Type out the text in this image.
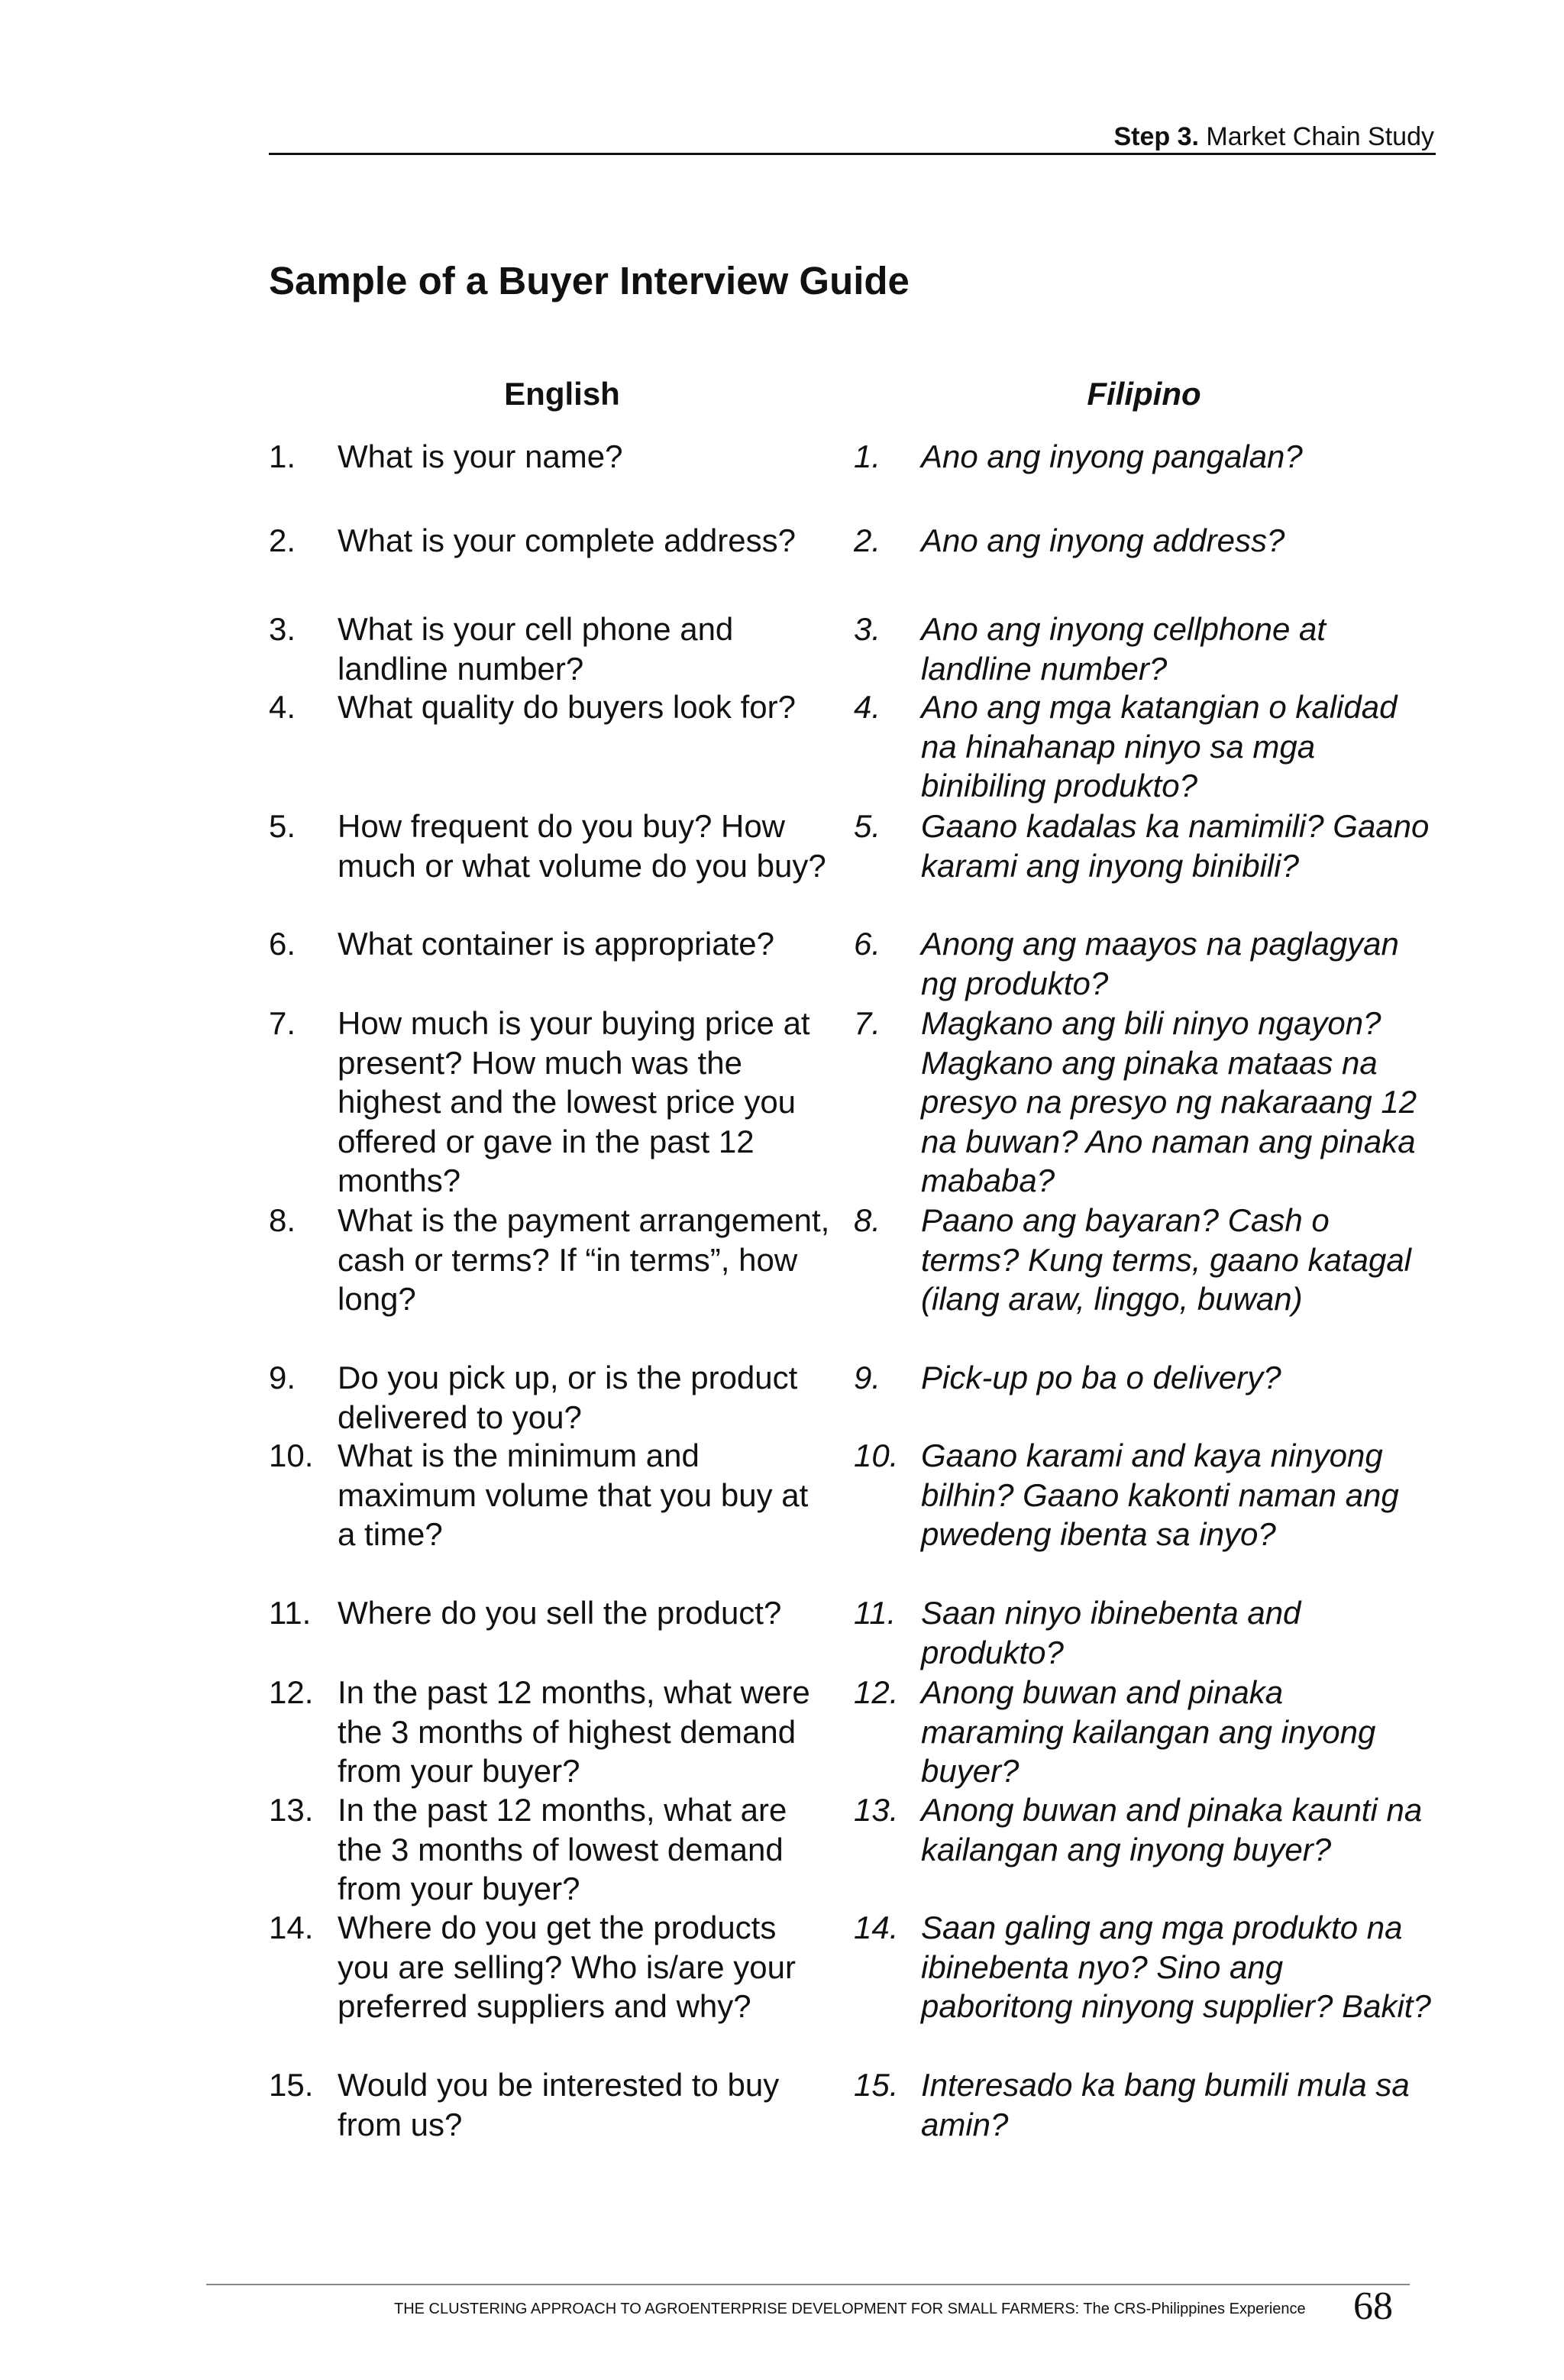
Step 3. Market Chain Study
Sample of a Buyer Interview Guide
English	Filipino
1. What is your name?
2. What is your complete address?
3. What is your cell phone and landline number?
4. What quality do buyers look for?
5. How frequent do you buy? How much or what volume do you buy?
6. What container is appropriate?
7. How much is your buying price at present? How much was the highest and the lowest price you offered or gave in the past 12 months?
8. What is the payment arrangement, cash or terms? If “in terms”, how long?
9. Do you pick up, or is the product delivered to you?
10. What is the minimum and maximum volume that you buy at a time?
11. Where do you sell the product?
12. In the past 12 months, what were the 3 months of highest demand from your buyer?
13. In the past 12 months, what are the 3 months of lowest demand from your buyer?
14. Where do you get the products you are selling? Who is/are your preferred suppliers and why?
15. Would you be interested to buy from us?
1. Ano ang inyong pangalan?
2. Ano ang inyong address?
3. Ano ang inyong cellphone at landline number?
4. Ano ang mga katangian o kalidad na hinahanap ninyo sa mga binibiling produkto?
5. Gaano kadalas ka namimili? Gaano karami ang inyong binibili?
6. Anong ang maayos na paglagyan ng produkto?
7. Magkano ang bili ninyo ngayon? Magkano ang pinaka mataas na presyo na presyo ng nakaraang 12 na buwan? Ano naman ang pinaka mababa?
8. Paano ang bayaran? Cash o terms? Kung terms, gaano katagal (ilang araw, linggo, buwan)
9. Pick-up po ba o delivery?
10. Gaano karami and kaya ninyong bilhin? Gaano kakonti naman ang pwedeng ibenta sa inyo?
11. Saan ninyo ibinebenta and produkto?
12. Anong buwan and pinaka maraming kailangan ang inyong buyer?
13. Anong buwan and pinaka kaunti na kailangan ang inyong buyer?
14. Saan galing ang mga produkto na ibinebenta nyo? Sino ang paboritong ninyong supplier? Bakit?
15. Interesado ka bang bumili mula sa amin?
THE CLUSTERING APPROACH TO AGROENTERPRISE DEVELOPMENT FOR SMALL FARMERS: The CRS-Philippines Experience 68
